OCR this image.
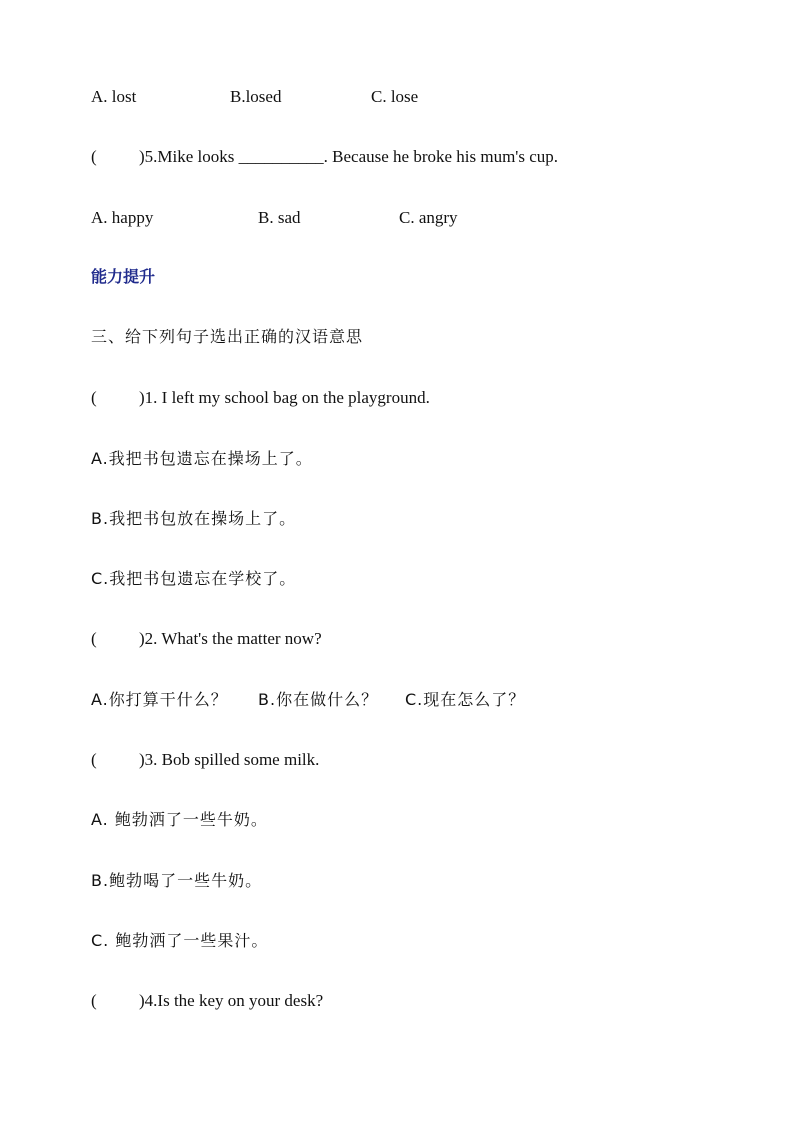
A. lost	B.losed	C. lose
( )5.Mike looks __________. Because he broke his mum's cup.
A. happy	B. sad	C. angry
能力提升
三、给下列句子选出正确的汉语意思
( )1. I left my school bag on the playground.
A.我把书包遗忘在操场上了。
B.我把书包放在操场上了。
C.我把书包遗忘在学校了。
( )2. What's the matter now?
A.你打算干什么？ B.你在做什么？ C.现在怎么了？
( )3. Bob spilled some milk.
A. 鲍勃洒了一些牛奶。
B.鲍勃喝了一些牛奶。
C. 鲍勃洒了一些果汁。
( )4.Is the key on your desk?
